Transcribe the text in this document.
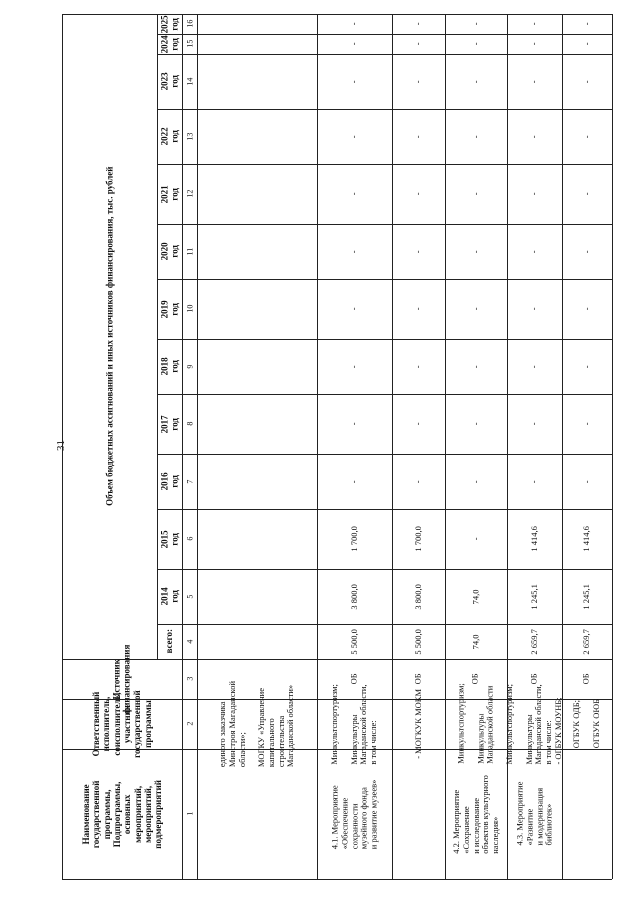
31	Объем бюджетных ассигнований и иных источников финансирования, тыс. рублей
Наименование
государственной
программы,
Подпрограммы,
основных
мероприятий,
мероприятий,
подмероприятий
Ответственный
исполнитель,
соисполнитель,
участник
государственной
программы
Источник
финансирования
1
2
3
всего: 4
2014
год 5
2015
год 6
2016
год 7
2017
год 8
2018
год 9
2019
год 10
2020
год 11
2021
год 12
2022
год 13
2023
год 14
2024
год 15
2025
год 16
единого заказчика
Минстроя Магаданской
области»;

МОГКУ «Управление
капитального
строительства
Магаданской области»
4.1. Мероприятие
«Обеспечение
сохранности
музейного фонда
и развитие музеев»
Минкультспортуризм;

Минкультуры
Магаданской области,
в том числе:
ОБ
5 500,0
3 800,0
1 700,0
-
-
-
-
-
-
-
-
-
-
- МОГКУК МОКМ
ОБ
5 500,0
3 800,0
1 700,0
-
-
-
-
-
-
-
-
-
-
4.2. Мероприятие
«Сохранение
и исследование
объектов культурного
наследия»
Минкультспортуризм;

Минкультуры
Магаданской области
ОБ
74,0
74,0
-
-
-
-
-
-
-
-
-
-
-
4.3. Мероприятие
«Развитие
и модернизация
библиотек»
Минкультспортуризм;

Минкультуры
Магаданской области,
в том числе:
- ОГБУК МОУНБ;
ОБ
2 659,7
1 245,1
1 414,6
-
-
-
-
-
-
-
-
-
-
ОГБУК ОДБ;

ОГБУК ОЮБ
ОБ
2 659,7
1 245,1
1 414,6
-
-
-
-
-
-
-
-
-
-
